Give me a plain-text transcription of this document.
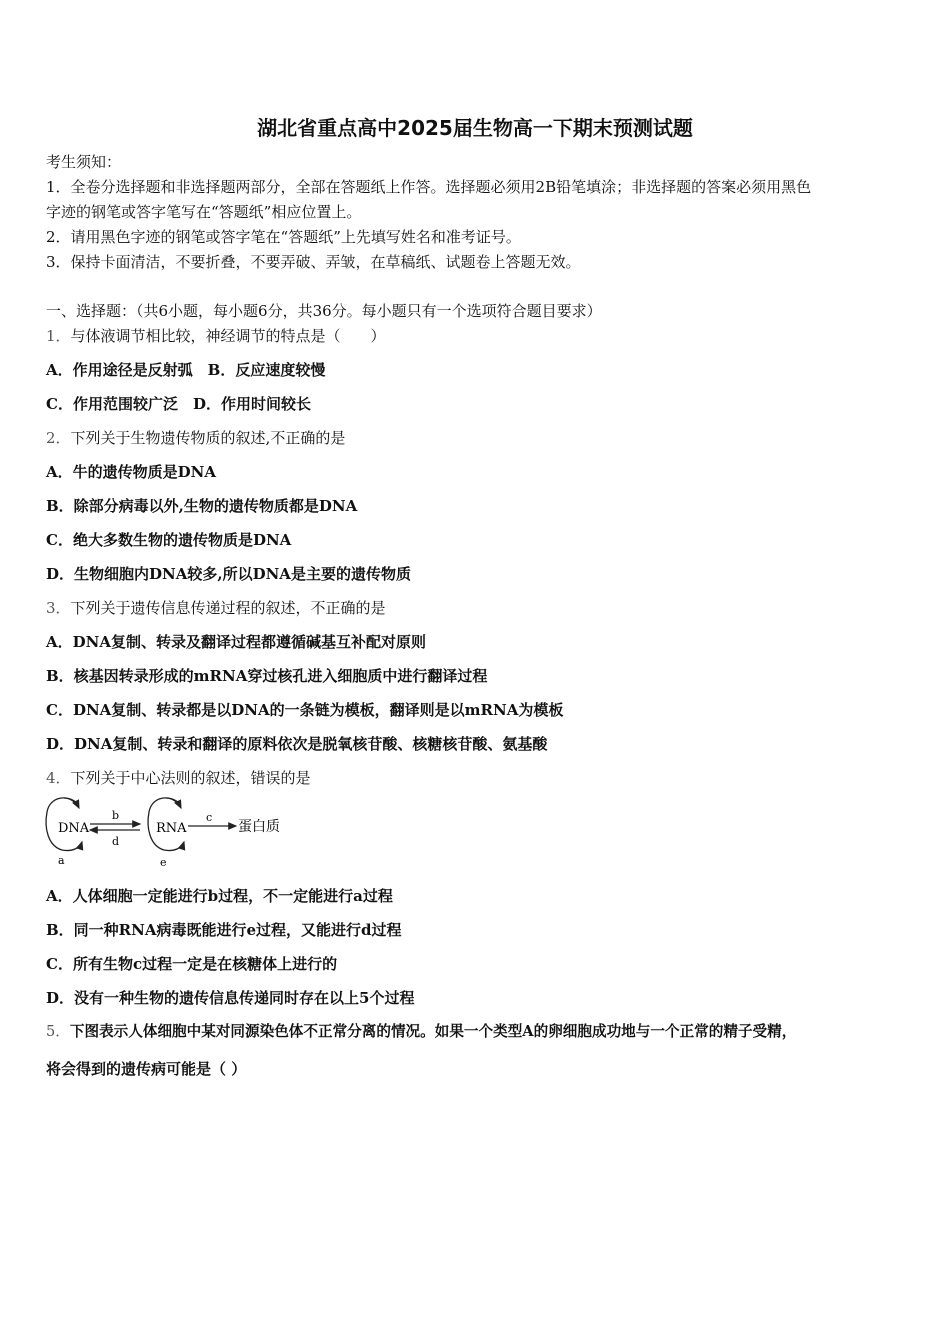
湖北省重点高中2025届生物高一下期末预测试题
考生须知：
1．全卷分选择题和非选择题两部分，全部在答题纸上作答。选择题必须用2B铅笔填涂；非选择题的答案必须用黑色
字迹的钢笔或答字笔写在“答题纸”相应位置上。
2．请用黑色字迹的钢笔或答字笔在“答题纸”上先填写姓名和准考证号。
3．保持卡面清洁，不要折叠，不要弄破、弄皱，在草稿纸、试题卷上答题无效。
一、选择题：（共6小题，每小题6分，共36分。每小题只有一个选项符合题目要求）
1．与体液调节相比较，神经调节的特点是（　　）
A．作用途径是反射弧　B．反应速度较慢
C．作用范围较广泛　D．作用时间较长
2．下列关于生物遗传物质的叙述,不正确的是
A．牛的遗传物质是DNA
B．除部分病毒以外,生物的遗传物质都是DNA
C．绝大多数生物的遗传物质是DNA
D．生物细胞内DNA较多,所以DNA是主要的遗传物质
3．下列关于遗传信息传递过程的叙述，不正确的是
A．DNA复制、转录及翻译过程都遵循碱基互补配对原则
B．核基因转录形成的mRNA穿过核孔进入细胞质中进行翻译过程
C．DNA复制、转录都是以DNA的一条链为模板，翻译则是以mRNA为模板
D．DNA复制、转录和翻译的原料依次是脱氧核苷酸、核糖核苷酸、氨基酸
4．下列关于中心法则的叙述，错误的是
DNA
a
b
d
RNA
e
c
蛋白质
A．人体细胞一定能进行b过程，不一定能进行a过程
B．同一种RNA病毒既能进行e过程，又能进行d过程
C．所有生物c过程一定是在核糖体上进行的
D．没有一种生物的遗传信息传递同时存在以上5个过程
5．下图表示人体细胞中某对同源染色体不正常分离的情况。如果一个类型A的卵细胞成功地与一个正常的精子受精，
将会得到的遗传病可能是（ ）
